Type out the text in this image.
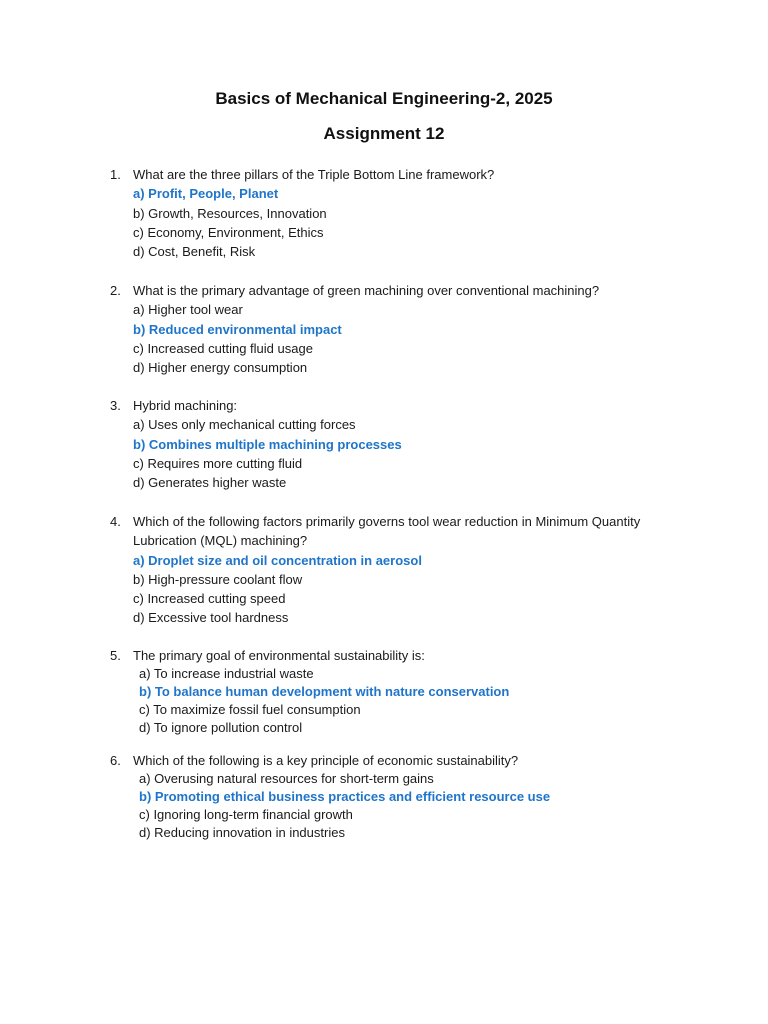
Basics of Mechanical Engineering-2, 2025
Assignment 12
1. What are the three pillars of the Triple Bottom Line framework?
a) Profit, People, Planet
b) Growth, Resources, Innovation
c) Economy, Environment, Ethics
d) Cost, Benefit, Risk
2. What is the primary advantage of green machining over conventional machining?
a) Higher tool wear
b) Reduced environmental impact
c) Increased cutting fluid usage
d) Higher energy consumption
3. Hybrid machining:
a) Uses only mechanical cutting forces
b) Combines multiple machining processes
c) Requires more cutting fluid
d) Generates higher waste
4. Which of the following factors primarily governs tool wear reduction in Minimum Quantity Lubrication (MQL) machining?
a) Droplet size and oil concentration in aerosol
b) High-pressure coolant flow
c) Increased cutting speed
d) Excessive tool hardness
5. The primary goal of environmental sustainability is:
a) To increase industrial waste
b) To balance human development with nature conservation
c) To maximize fossil fuel consumption
d) To ignore pollution control
6. Which of the following is a key principle of economic sustainability?
a) Overusing natural resources for short-term gains
b) Promoting ethical business practices and efficient resource use
c) Ignoring long-term financial growth
d) Reducing innovation in industries
